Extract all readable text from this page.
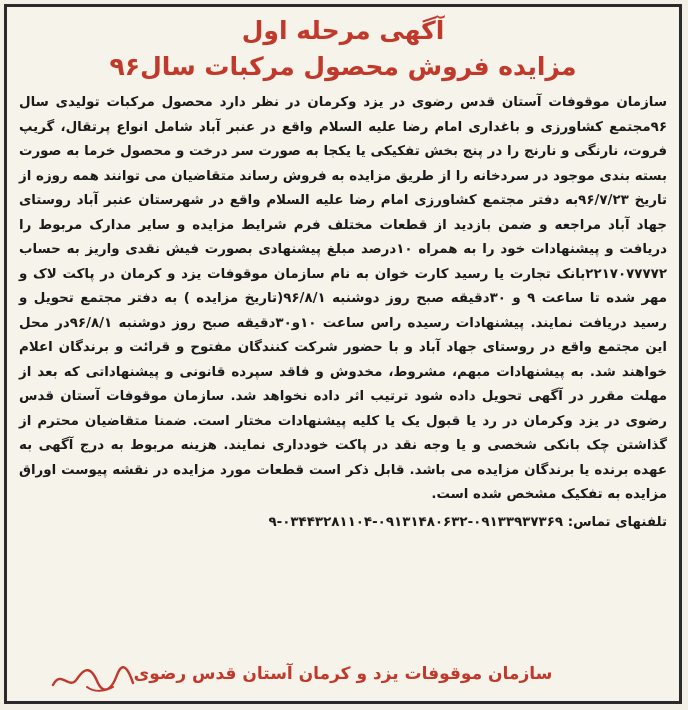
آگهی مرحله اول
مزایده فروش محصول مرکبات سال۹۶

سازمان موقوفات آستان قدس رضوی در یزد وکرمان در نظر دارد محصول مرکبات تولیدی سال ۹۶مجتمع کشاورزی و باغداری امام رضا علیه السلام واقع در عنبر آباد شامل انواع پرتقال، گریپ فروت، نارنگی و نارنج را در پنج بخش تفکیکی یا یکجا به صورت سر درخت و محصول خرما به صورت بسته بندی موجود در سردخانه را از طریق مزایده به فروش رساند متقاضیان می توانند همه روزه از تاریخ ۹۶/۷/۲۳به دفتر مجتمع کشاورزی امام رضا علیه السلام واقع در شهرستان عنبر آباد روستای جهاد آباد مراجعه و ضمن بازدید از قطعات مختلف فرم شرایط مزایده و سایر مدارک مربوط را دریافت و پیشنهادات خود را به همراه ۱۰درصد مبلغ پیشنهادی بصورت فیش نقدی واریز به حساب ۲۲۱۷۰۷۷۷۷۲بانک تجارت یا رسید کارت خوان به نام سازمان موقوفات یزد و کرمان در پاکت لاک و مهر شده تا ساعت ۹ و ۳۰دقیقه صبح روز دوشنبه ۹۶/۸/۱(تاریخ مزایده ) به دفتر مجتمع تحویل و رسید دریافت نمایند. پیشنهادات رسیده راس ساعت ۱۰و۳۰دقیقه صبح روز دوشنبه ۹۶/۸/۱در محل این مجتمع واقع در روستای جهاد آباد و با حضور شرکت کنندگان مفتوح و قرائت و برندگان اعلام خواهند شد. به پیشنهادات مبهم، مشروط، مخدوش و فاقد سپرده قانونی و پیشنهاداتی که بعد از مهلت مقرر در آگهی تحویل داده شود ترتیب اثر داده نخواهد شد. سازمان موقوفات آستان قدس رضوی در یزد وکرمان در رد یا قبول یک یا کلیه پیشنهادات مختار است. ضمنا متقاضیان محترم از گذاشتن چک بانکی شخصی و یا وجه نقد در پاکت خودداری نمایند. هزینه مربوط به درج آگهی به عهده برنده یا برندگان مزایده می باشد. قابل ذکر است قطعات مورد مزایده در نقشه پیوست اوراق مزایده به تفکیک مشخص شده است.

تلفنهای تماس: ۰۹۱۳۳۹۳۷۳۶۹-۰۹۱۳۱۴۸۰۶۳۲-۰۳۴۴۳۲۸۱۱۰۴-۹
سازمان موقوفات یزد و کرمان آستان قدس رضوی
